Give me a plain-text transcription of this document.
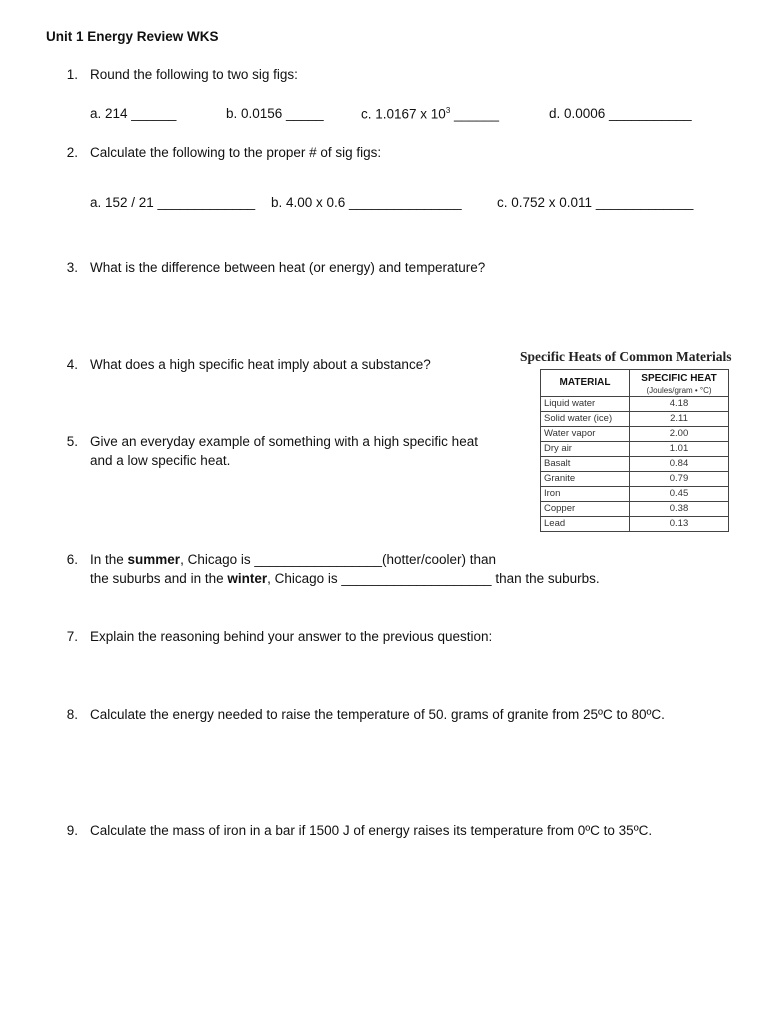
Unit 1 Energy Review WKS
1. Round the following to two sig figs:
a. 214 ______	b. 0.0156 _____	c. 1.0167 x $10^3$ ______	d. 0.0006 ___________
2. Calculate the following to the proper # of sig figs:
a. 152 / 21 _____________ b. 4.00 x 0.6 _______________	c. 0.752 x 0.011 _____________
3. What is the difference between heat (or energy) and temperature?
4. What does a high specific heat imply about a substance?
5. Give an everyday example of something with a high specific heat
and a low specific heat.
Specific Heats of Common Materials
MATERIAL	SPECIFIC HEAT
(Joules/gram • °C)

Liquid water	4.18
Solid water (ice)	2.11
Water vapor	2.00
Dry air	1.01
Basalt	0.84
Granite	0.79
Iron	0.45
Copper	0.38
Lead	0.13
6. In the summer, Chicago is _________________(hotter/cooler) than
the suburbs and in the winter, Chicago is ____________________ than the suburbs.
7. Explain the reasoning behind your answer to the previous question:
8. Calculate the energy needed to raise the temperature of 50. grams of granite from 25ºC to 80ºC.
9. Calculate the mass of iron in a bar if 1500 J of energy raises its temperature from 0ºC to 35ºC.
